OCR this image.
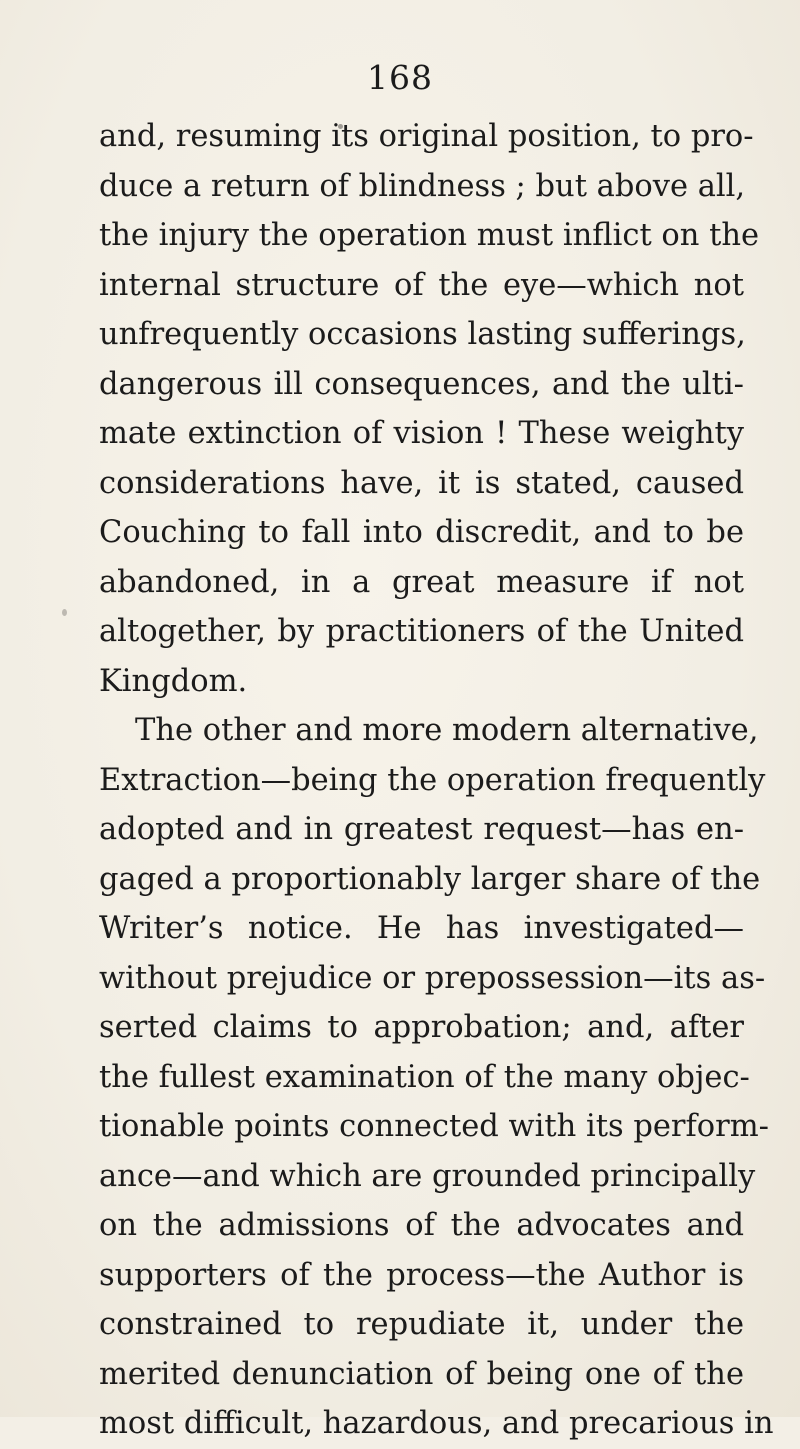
168
and, resuming its original position, to pro-
duce a return of blindness ; but above all,
the injury the operation must inflict on the
internal structure of the eye—which not
unfrequently occasions lasting sufferings,
dangerous ill consequences, and the ulti-
mate extinction of vision ! These weighty
considerations have, it is stated, caused
Couching to fall into discredit, and to be
abandoned, in a great measure if not
altogether, by practitioners of the United
Kingdom.
The other and more modern alternative,
Extraction—being the operation frequently
adopted and in greatest request—has en-
gaged a proportionably larger share of the
Writer’s notice. He has investigated—
without prejudice or prepossession—its as-
serted claims to approbation; and, after
the fullest examination of the many objec-
tionable points connected with its perform-
ance—and which are grounded principally
on the admissions of the advocates and
supporters of the process—the Author is
constrained to repudiate it, under the
merited denunciation of being one of the
most difficult, hazardous, and precarious in
